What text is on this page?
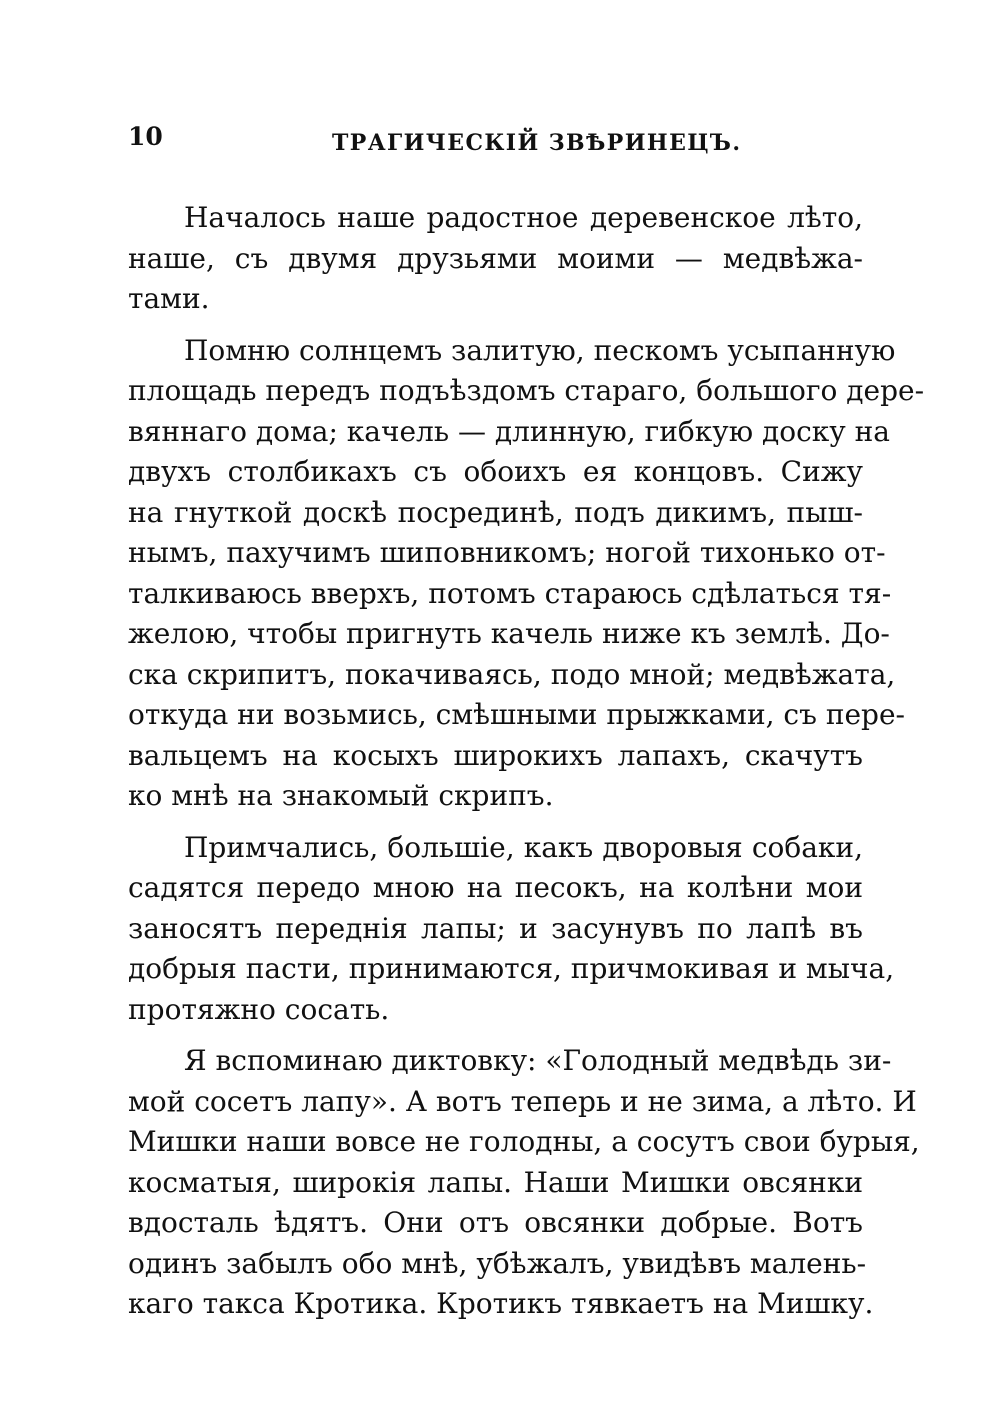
10	ТРАГИЧЕСКІЙ ЗВѢРИНЕЦЪ.
Началось наше радостное деревенское лѣто,
наше, съ двумя друзьями моими — медвѣжа-
тами.
Помню солнцемъ залитую, пескомъ усыпанную
площадь передъ подъѣздомъ стараго, большого дере-
вяннаго дома; качель — длинную, гибкую доску на
двухъ столбикахъ съ обоихъ ея концовъ. Сижу
на гнуткой доскѣ посрединѣ, подъ дикимъ, пыш-
нымъ, пахучимъ шиповникомъ; ногой тихонько от-
талкиваюсь вверхъ, потомъ стараюсь сдѣлаться тя-
желою, чтобы пригнуть качель ниже къ землѣ. До-
ска скрипитъ, покачиваясь, подо мной; медвѣжата,
откуда ни возьмись, смѣшными прыжками, съ пере-
вальцемъ на косыхъ широкихъ лапахъ, скачутъ
ко мнѣ на знакомый скрипъ.
Примчались, большіе, какъ дворовыя собаки,
садятся передо мною на песокъ, на колѣни мои
заносятъ переднія лапы; и засунувъ по лапѣ въ
добрыя пасти, принимаются, причмокивая и мыча,
протяжно сосать.
Я вспоминаю диктовку: «Голодный медвѣдь зи-
мой сосетъ лапу». А вотъ теперь и не зима, а лѣто. И
Мишки наши вовсе не голодны, а сосутъ свои бурыя,
косматыя, широкія лапы. Наши Мишки овсянки
вдоcталь ѣдятъ. Они отъ овсянки добрые. Вотъ
одинъ забылъ обо мнѣ, убѣжалъ, увидѣвъ малень-
каго такса Кротика. Кротикъ тявкаетъ на Мишку.
